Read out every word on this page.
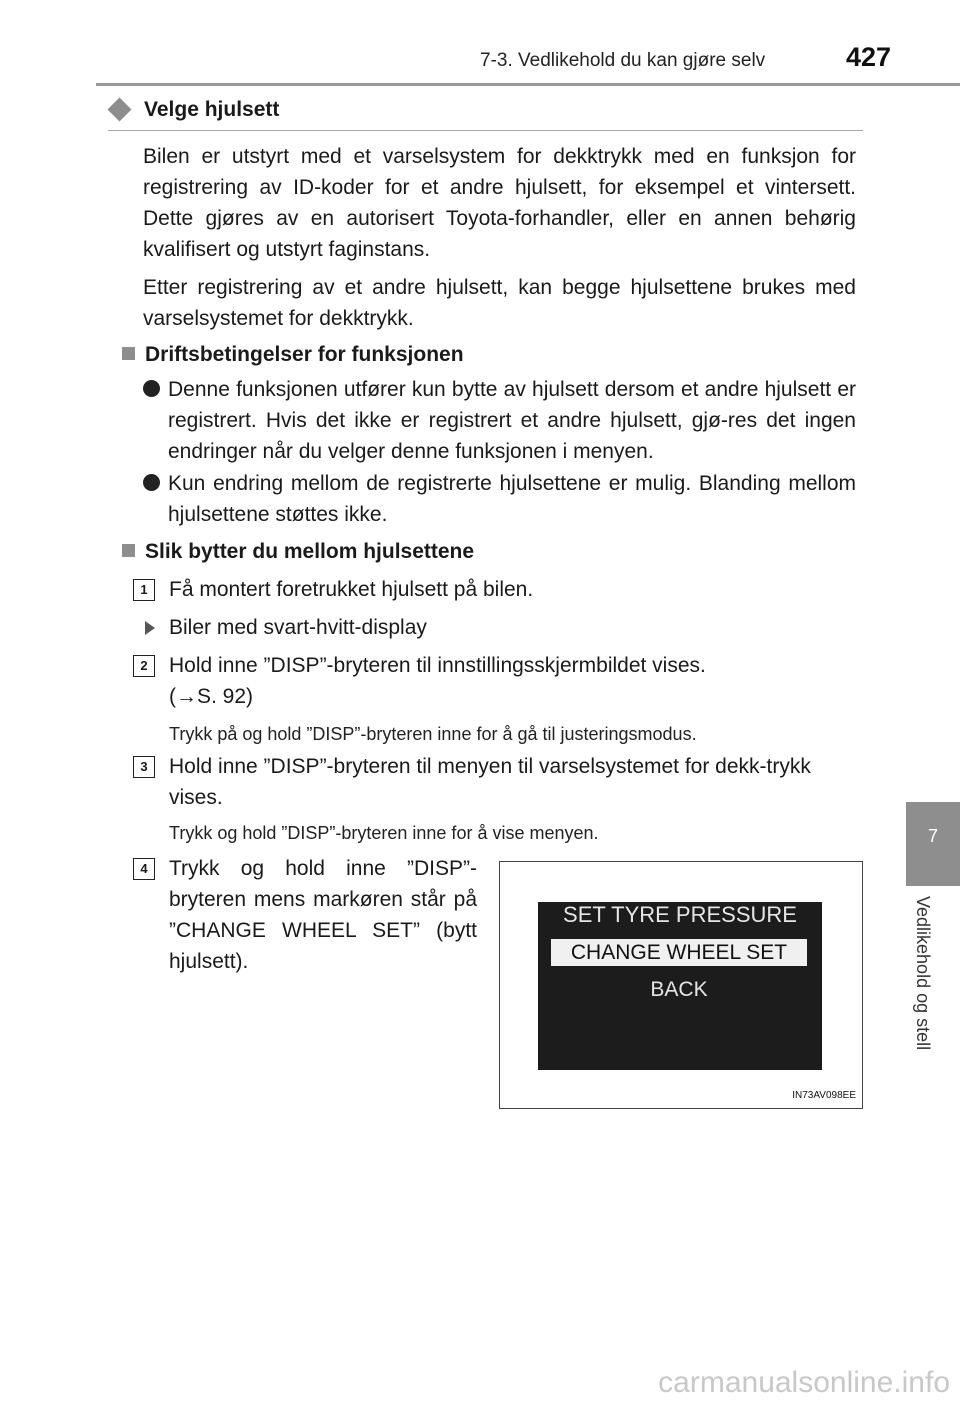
7-3. Vedlikehold du kan gjøre selv	427
7
Vedlikehold og stell
Velge hjulsett
Bilen er utstyrt med et varselsystem for dekktrykk med en funksjon for registrering av ID-koder for et andre hjulsett, for eksempel et vintersett. Dette gjøres av en autorisert Toyota-forhandler, eller en annen behørig kvalifisert og utstyrt faginstans.
Etter registrering av et andre hjulsett, kan begge hjulsettene brukes med varselsystemet for dekktrykk.
Driftsbetingelser for funksjonen
Denne funksjonen utfører kun bytte av hjulsett dersom et andre hjulsett er registrert. Hvis det ikke er registrert et andre hjulsett, gjø-res det ingen endringer når du velger denne funksjonen i menyen.
Kun endring mellom de registrerte hjulsettene er mulig. Blanding mellom hjulsettene støttes ikke.
Slik bytter du mellom hjulsettene
1	Få montert foretrukket hjulsett på bilen.
Biler med svart-hvitt-display
2	Hold inne ”DISP”-bryteren til innstillingsskjermbildet vises.
(→S. 92)
Trykk på og hold ”DISP”-bryteren inne for å gå til justeringsmodus.
3	Hold inne ”DISP”-bryteren til menyen til varselsystemet for dekk-trykk vises.
Trykk og hold ”DISP”-bryteren inne for å vise menyen.
4	Trykk og hold inne ”DISP”-bryteren mens markøren står på ”CHANGE WHEEL SET” (bytt hjulsett).
SET TYRE PRESSURE
CHANGE WHEEL SET
BACK
IN73AV098EE
carmanualsonline.info
